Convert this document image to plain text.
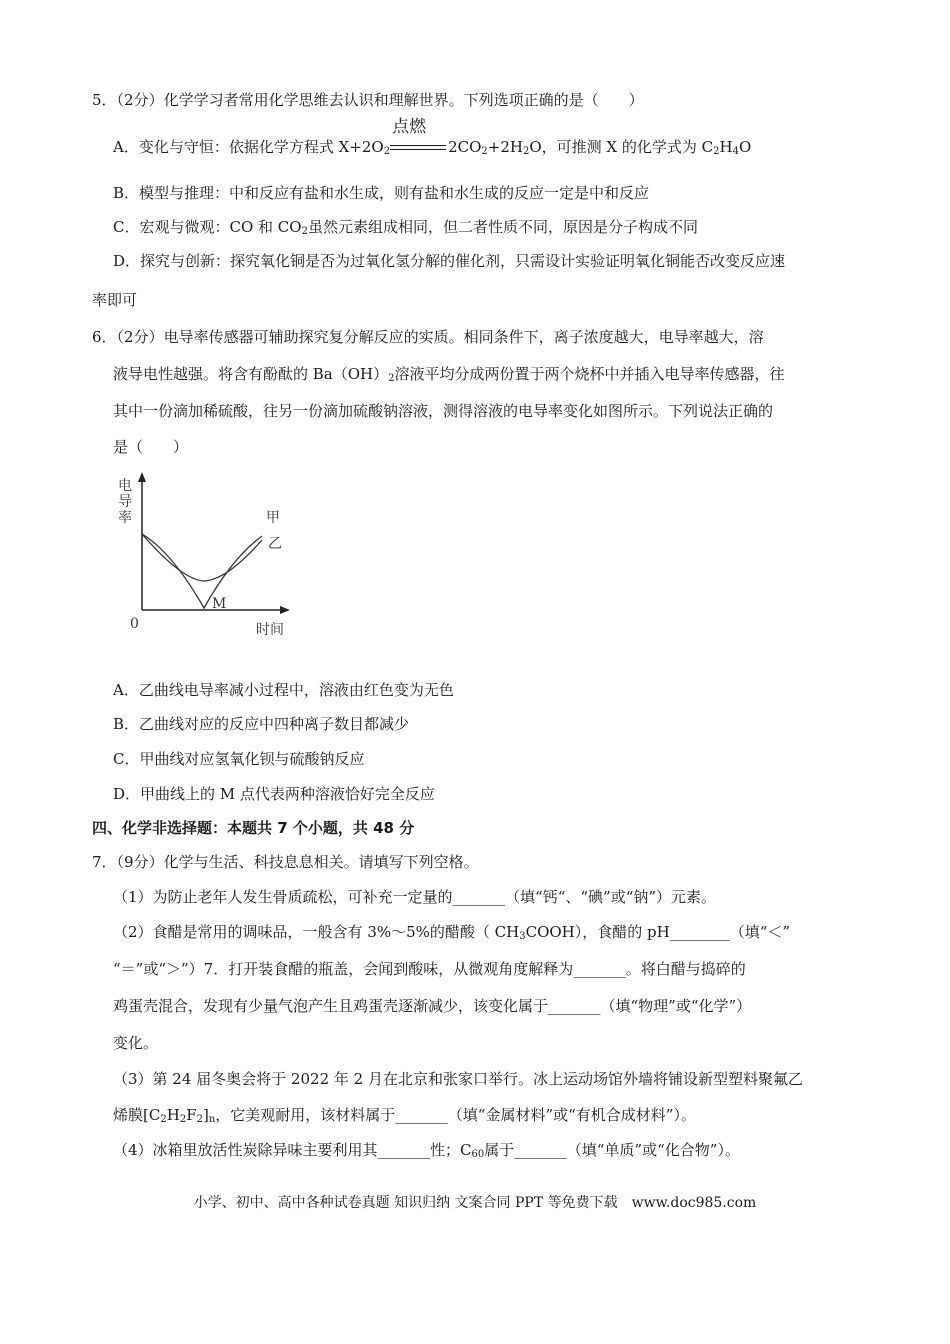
5．（2分）化学学习者常用化学思维去认识和理解世界。下列选项正确的是（　　）
A．变化与守恒：依据化学方程式 $X+2O_2$
点燃
$2CO_2+2H_2O$，可推测 X 的化学式为 $C_2H_4O$
B．模型与推理：中和反应有盐和水生成，则有盐和水生成的反应一定是中和反应
C．宏观与微观：CO 和 $CO_2$虽然元素组成相同，但二者性质不同，原因是分子构成不同
D．探究与创新：探究氧化铜是否为过氧化氢分解的催化剂，只需设计实验证明氧化铜能否改变反应速
率即可
6．（2分）电导率传感器可辅助探究复分解反应的实质。相同条件下，离子浓度越大，电导率越大，溶
液导电性越强。将含有酚酞的 $Ba(OH)_2$溶液平均分成两份置于两个烧杯中并插入电导率传感器，往
其中一份滴加稀硫酸，往另一份滴加硫酸钠溶液，测得溶液的电导率变化如图所示。下列说法正确的
是（　　）
电
导
率	甲
乙
M
0	时间
A．乙曲线电导率减小过程中，溶液由红色变为无色
B．乙曲线对应的反应中四种离子数目都减少
C．甲曲线对应氢氧化钡与硫酸钠反应
D．甲曲线上的 M 点代表两种溶液恰好完全反应
四、化学非选择题：本题共 7 个小题，共 48 分
7．（9分）化学与生活、科技息息相关。请填写下列空格。
（1）为防止老年人发生骨质疏松，可补充一定量的_______（填“钙“、“碘”或“钠”）元素。
（2）食醋是常用的调味品，一般含有 3%～5%的醋酸（ $CH_3COOH$），食醋的 pH________（填“＜”
“＝”或“＞”）7．打开装食醋的瓶盖，会闻到酸味，从微观角度解释为_______。将白醋与捣碎的
鸡蛋壳混合，发现有少量气泡产生且鸡蛋壳逐渐减少，该变化属于_______（填“物理”或“化学”）
变化。
（3）第 24 届冬奥会将于 2022 年 2 月在北京和张家口举行。冰上运动场馆外墙将铺设新型塑料聚氟乙
烯膜$[C_2H_2F_2]_n$，它美观耐用，该材料属于_______（填“金属材料”或“有机合成材料”）。
（4）冰箱里放活性炭除异味主要利用其_______性；$C_{60}$属于_______（填“单质”或“化合物”）。
小学、初中、高中各种试卷真题 知识归纳 文案合同 PPT 等免费下载　www.doc985.com
